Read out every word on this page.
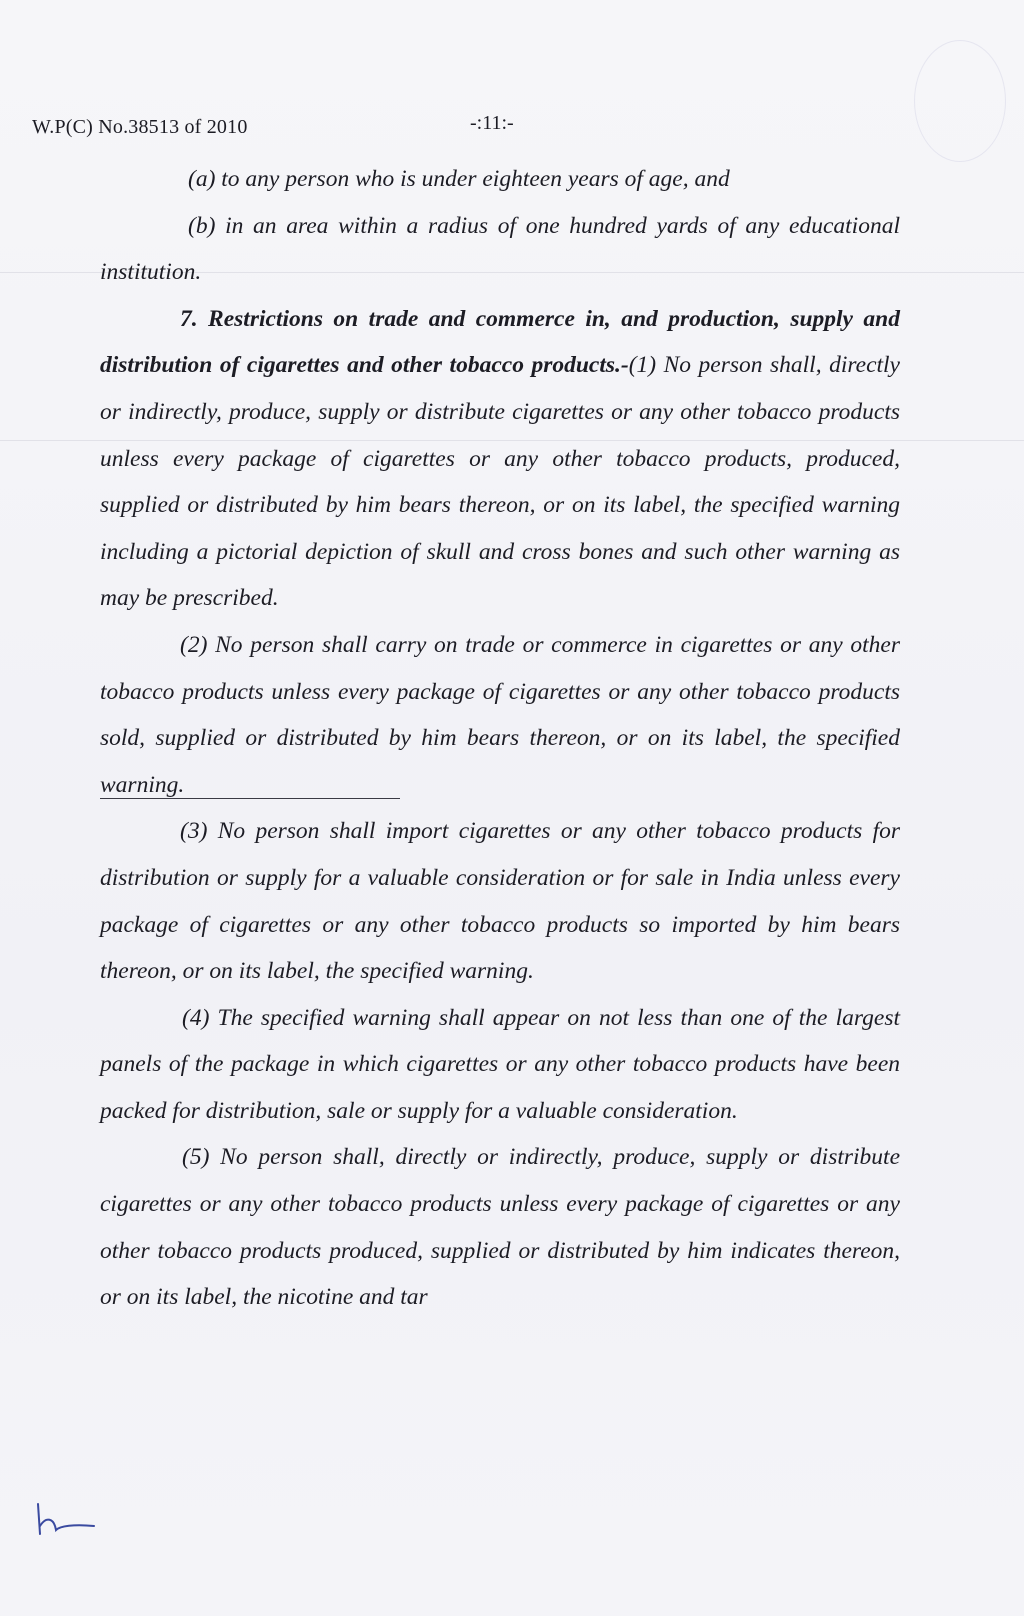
W.P(C) No.38513 of 2010	-:11:-

(a) to any person who is under eighteen years of age, and

(b) in an area within a radius of one hundred yards of any educational institution.

7. Restrictions on trade and commerce in, and production, supply and distribution of cigarettes and other tobacco products.-(1) No person shall, directly or indirectly, produce, supply or distribute cigarettes or any other tobacco products unless every package of cigarettes or any other tobacco products, produced, supplied or distributed by him bears thereon, or on its label, the specified warning including a pictorial depiction of skull and cross bones and such other warning as may be prescribed.

(2) No person shall carry on trade or commerce in cigarettes or any other tobacco products unless every package of cigarettes or any other tobacco products sold, supplied or distributed by him bears thereon, or on its label, the specified warning.

(3) No person shall import cigarettes or any other tobacco products for distribution or supply for a valuable consideration or for sale in India unless every package of cigarettes or any other tobacco products so imported by him bears thereon, or on its label, the specified warning.

(4) The specified warning shall appear on not less than one of the largest panels of the package in which cigarettes or any other tobacco products have been packed for distribution, sale or supply for a valuable consideration.

(5) No person shall, directly or indirectly, produce, supply or distribute cigarettes or any other tobacco products unless every package of cigarettes or any other tobacco products produced, supplied or distributed by him indicates thereon, or on its label, the nicotine and tar
